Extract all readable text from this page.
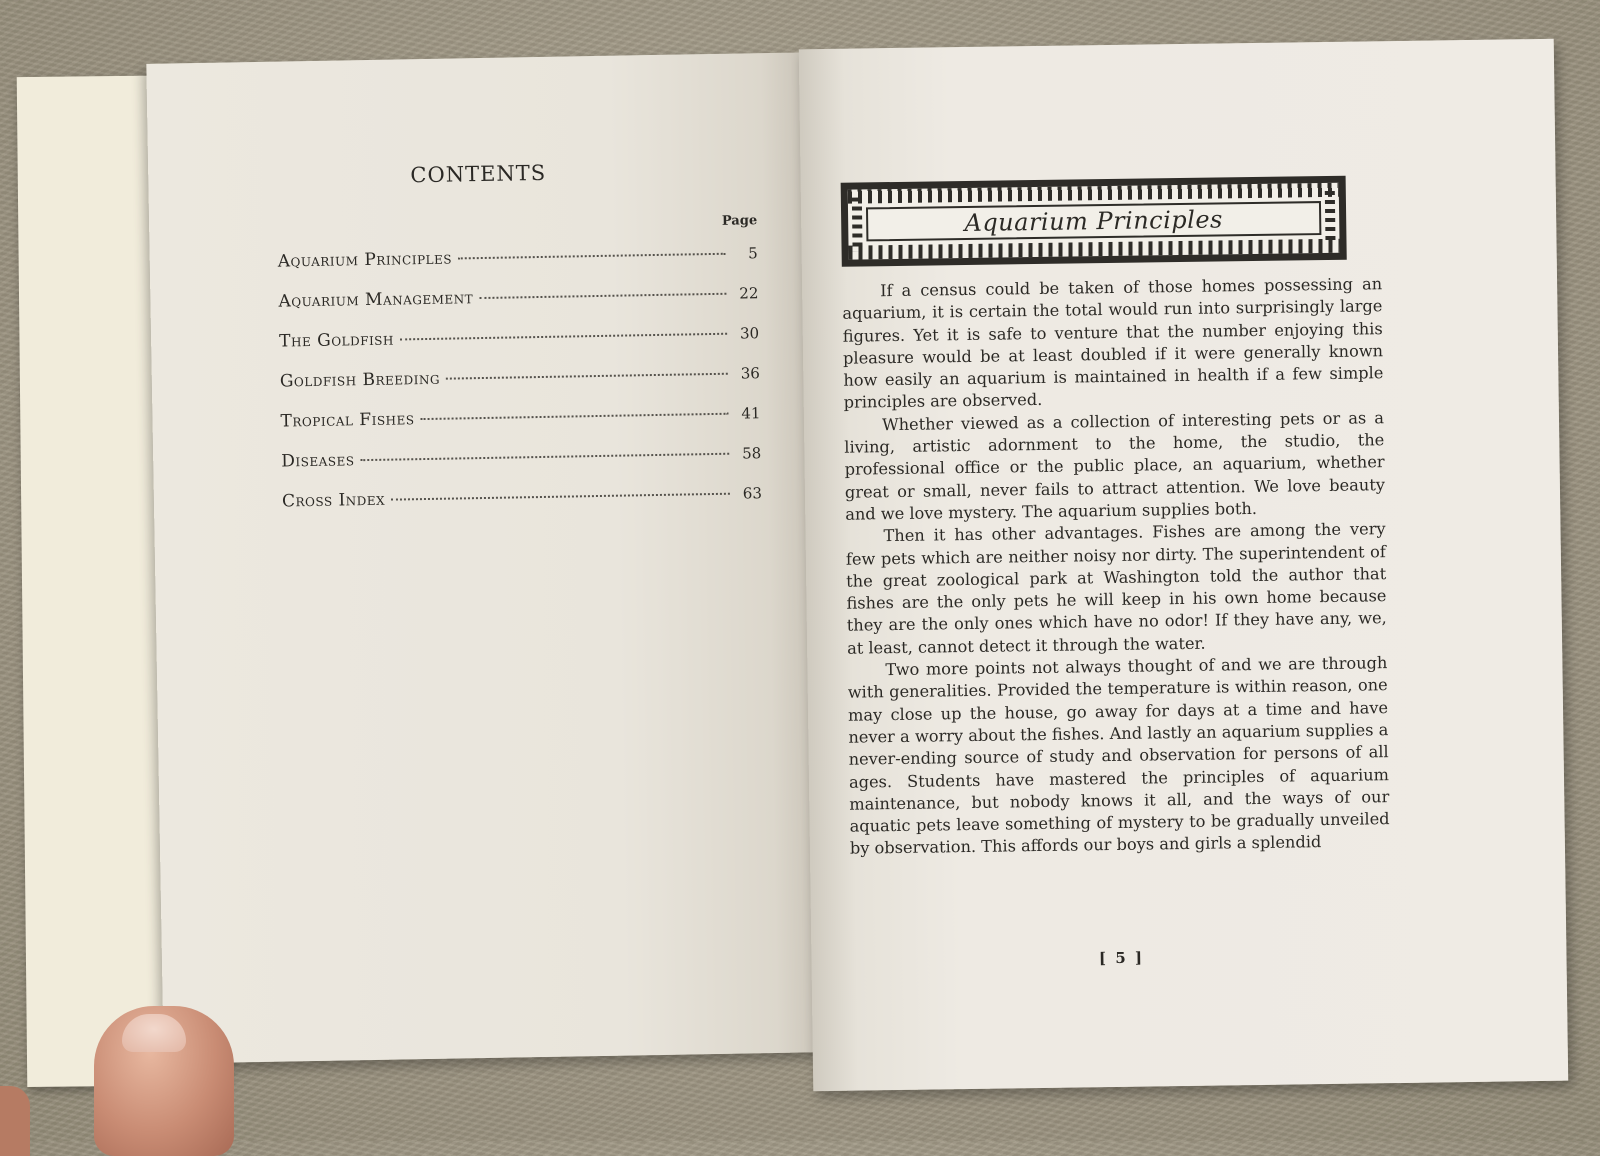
CONTENTS
Page
Aquarium Principles	5
Aquarium Management	22
The Goldfish	30
Goldfish Breeding	36
Tropical Fishes	41
Diseases	58
Cross Index	63
Aquarium Principles

If a census could be taken of those homes possessing an aquarium, it is certain the total would run into surprisingly large figures. Yet it is safe to venture that the number enjoying this pleasure would be at least doubled if it were generally known how easily an aquarium is maintained in health if a few simple principles are observed.

Whether viewed as a collection of interesting pets or as a living, artistic adornment to the home, the studio, the professional office or the public place, an aquarium, whether great or small, never fails to attract attention. We love beauty and we love mystery. The aquarium supplies both.

Then it has other advantages. Fishes are among the very few pets which are neither noisy nor dirty. The superintendent of the great zoological park at Washington told the author that fishes are the only pets he will keep in his own home because they are the only ones which have no odor! If they have any, we, at least, cannot detect it through the water.

Two more points not always thought of and we are through with generalities. Provided the temperature is within reason, one may close up the house, go away for days at a time and have never a worry about the fishes. And lastly an aquarium supplies a never-ending source of study and observation for persons of all ages. Students have mastered the principles of aquarium maintenance, but nobody knows it all, and the ways of our aquatic pets leave something of mystery to be gradually unveiled by observation. This affords our boys and girls a splendid

[ 5 ]
